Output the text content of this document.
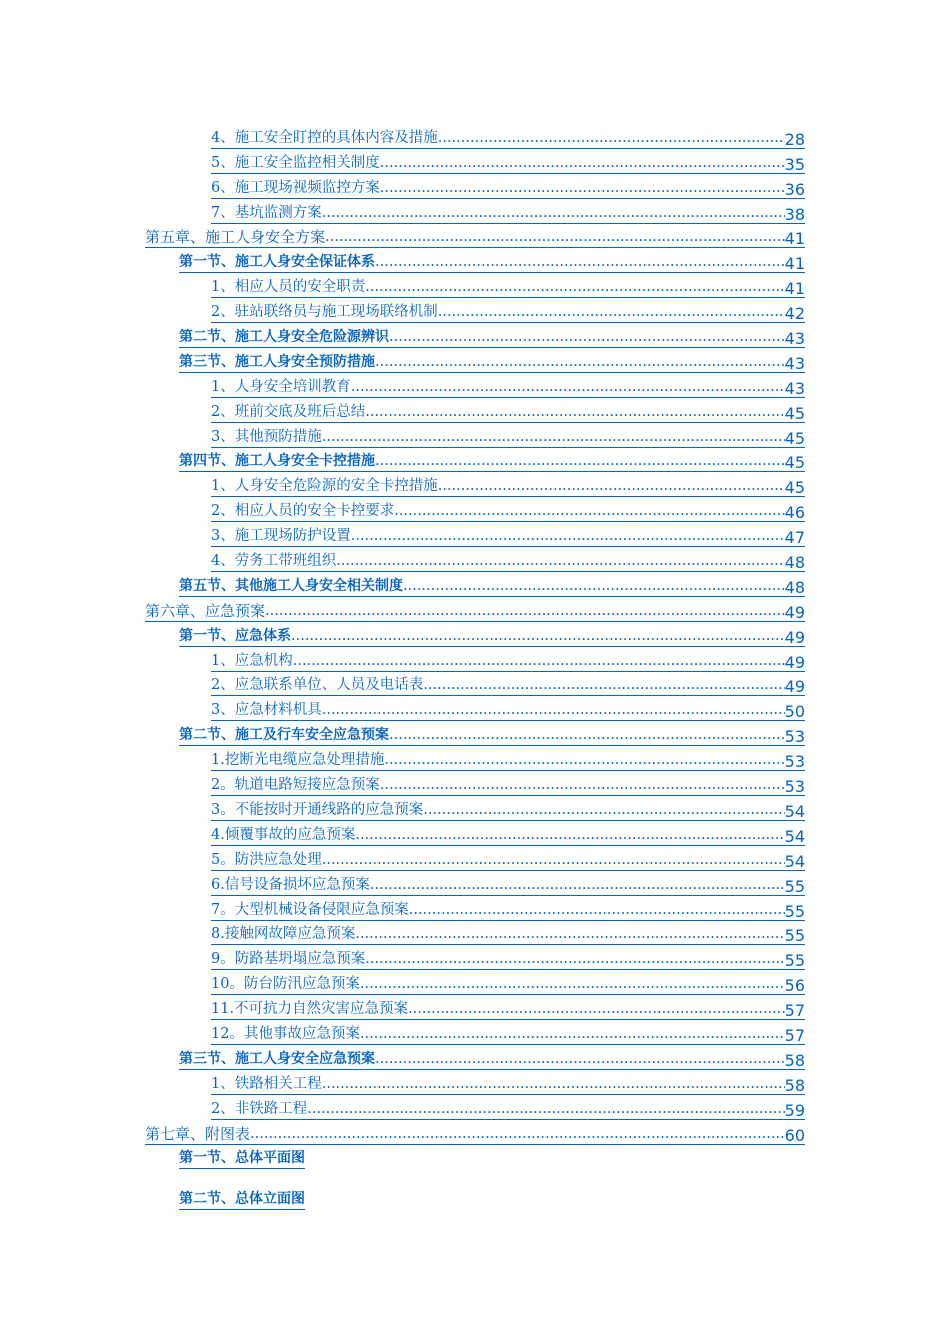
4、施工安全盯控的具体内容及措施 .....	28
5、施工安全监控相关制度 .....	35
6、施工现场视频监控方案 .....	36
7、基坑监测方案 .....	38
第五章、施工人身安全方案 .....	41
第一节、施工人身安全保证体系 .....	41
1、相应人员的安全职责 .....	41
2、驻站联络员与施工现场联络机制 .....	42
第二节、施工人身安全危险源辨识 .....	43
第三节、施工人身安全预防措施 .....	43
1、人身安全培训教育 .....	43
2、班前交底及班后总结 .....	45
3、其他预防措施 .....	45
第四节、施工人身安全卡控措施 .....	45
1、人身安全危险源的安全卡控措施 .....	45
2、相应人员的安全卡控要求 .....	46
3、施工现场防护设置 .....	47
4、劳务工带班组织 .....	48
第五节、其他施工人身安全相关制度 .....	48
第六章、应急预案 .....	49
第一节、应急体系 .....	49
1、应急机构 .....	49
2、应急联系单位、人员及电话表 .....	49
3、应急材料机具 .....	50
第二节、施工及行车安全应急预案 .....	53
1.挖断光电缆应急处理措施 .....	53
2。轨道电路短接应急预案 .....	53
3。不能按时开通线路的应急预案 .....	54
4.倾覆事故的应急预案 .....	54
5。防洪应急处理 .....	54
6.信号设备损坏应急预案 .....	55
7。大型机械设备侵限应急预案 .....	55
8.接触网故障应急预案 .....	55
9。防路基坍塌应急预案 .....	55
10。防台防汛应急预案 .....	56
11.不可抗力自然灾害应急预案 .....	57
12。其他事故应急预案 .....	57
第三节、施工人身安全应急预案 .....	58
1、铁路相关工程 .....	58
2、非铁路工程 .....	59
第七章、附图表 .....	60
第一节、总体平面图
第二节、总体立面图
